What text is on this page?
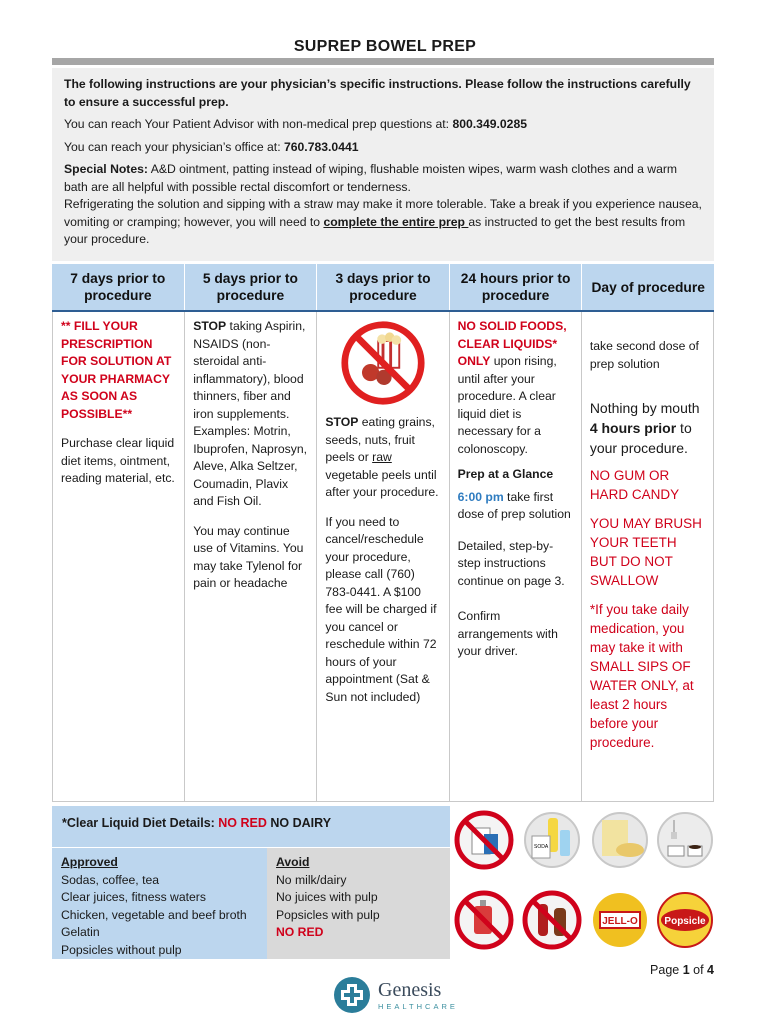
SUPREP BOWEL PREP

The following instructions are your physician’s specific instructions. Please follow the instructions carefully to ensure a successful prep.

You can reach Your Patient Advisor with non-medical prep questions at: 800.349.0285

You can reach your physician’s office at: 760.783.0441

Special Notes: A&D ointment, patting instead of wiping, flushable moisten wipes, warm wash clothes and a warm bath are all helpful with possible rectal discomfort or tenderness.

Refrigerating the solution and sipping with a straw may make it more tolerable. Take a break if you experience nausea, vomiting or cramping; however, you will need to complete the entire prep as instructed to get the best results from your procedure.

7 days prior to procedure
5 days prior to procedure
3 days prior to procedure
24 hours prior to procedure
Day of procedure
** FILL YOUR PRESCRIPTION FOR SOLUTION AT YOUR PHARMACY AS SOON AS POSSIBLE**
Purchase clear liquid diet items, ointment, reading material, etc.
STOP taking Aspirin, NSAIDS (non-steroidal anti-inflammatory), blood thinners, fiber and iron supplements. Examples: Motrin, Ibuprofen, Naprosyn, Aleve, Alka Seltzer, Coumadin, Plavix and Fish Oil.
You may continue use of Vitamins. You may take Tylenol for pain or headache
STOP eating grains, seeds, nuts, fruit peels or raw vegetable peels until after your procedure.
If you need to cancel/reschedule your procedure, please call (760) 783-0441. A $100 fee will be charged if you cancel or reschedule within 72 hours of your appointment (Sat & Sun not included)
NO SOLID FOODS, CLEAR LIQUIDS* ONLY upon rising, until after your procedure. A clear liquid diet is necessary for a colonoscopy.
Prep at a Glance
6:00 pm take first dose of prep solution
Detailed, step-by-step instructions continue on page 3.
Confirm arrangements with your driver.
take second dose of prep solution
Nothing by mouth 4 hours prior to your procedure.
NO GUM OR HARD CANDY
YOU MAY BRUSH YOUR TEETH BUT DO NOT SWALLOW
*If you take daily medication, you may take it with SMALL SIPS OF WATER ONLY, at least 2 hours before your procedure.
*Clear Liquid Diet Details: NO RED NO DAIRY
Approved
Sodas, coffee, tea
Clear juices, fitness waters
Chicken, vegetable and beef broth
Gelatin
Popsicles without pulp
Avoid
No milk/dairy
No juices with pulp
Popsicles with pulp
NO RED
SODA
JELL-O	Popsicle
Page 1 of 4
Genesis
HEALTHCARE
